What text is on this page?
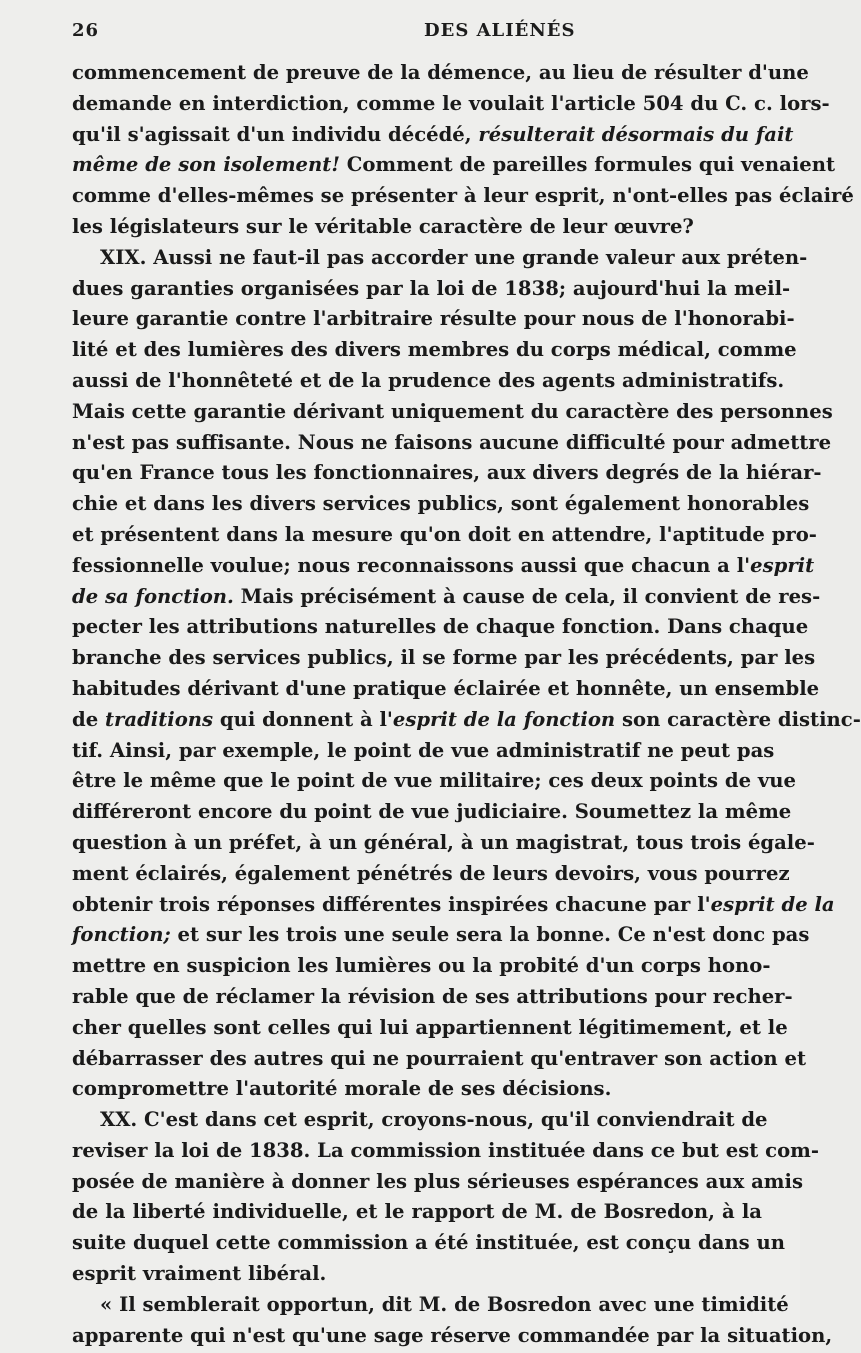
26	DES ALIÉNÉS
commencement de preuve de la démence, au lieu de résulter d'une
demande en interdiction, comme le voulait l'article 504 du C. c. lors-
qu'il s'agissait d'un individu décédé, résulterait désormais du fait
même de son isolement! Comment de pareilles formules qui venaient
comme d'elles-mêmes se présenter à leur esprit, n'ont-elles pas éclairé
les législateurs sur le véritable caractère de leur œuvre?
XIX. Aussi ne faut-il pas accorder une grande valeur aux préten-
dues garanties organisées par la loi de 1838; aujourd'hui la meil-
leure garantie contre l'arbitraire résulte pour nous de l'honorabi-
lité et des lumières des divers membres du corps médical, comme
aussi de l'honnêteté et de la prudence des agents administratifs.
Mais cette garantie dérivant uniquement du caractère des personnes
n'est pas suffisante. Nous ne faisons aucune difficulté pour admettre
qu'en France tous les fonctionnaires, aux divers degrés de la hiérar-
chie et dans les divers services publics, sont également honorables
et présentent dans la mesure qu'on doit en attendre, l'aptitude pro-
fessionnelle voulue; nous reconnaissons aussi que chacun a l'esprit
de sa fonction. Mais précisément à cause de cela, il convient de res-
pecter les attributions naturelles de chaque fonction. Dans chaque
branche des services publics, il se forme par les précédents, par les
habitudes dérivant d'une pratique éclairée et honnête, un ensemble
de traditions qui donnent à l'esprit de la fonction son caractère distinc-
tif. Ainsi, par exemple, le point de vue administratif ne peut pas
être le même que le point de vue militaire; ces deux points de vue
différeront encore du point de vue judiciaire. Soumettez la même
question à un préfet, à un général, à un magistrat, tous trois égale-
ment éclairés, également pénétrés de leurs devoirs, vous pourrez
obtenir trois réponses différentes inspirées chacune par l'esprit de la
fonction; et sur les trois une seule sera la bonne. Ce n'est donc pas
mettre en suspicion les lumières ou la probité d'un corps hono-
rable que de réclamer la révision de ses attributions pour recher-
cher quelles sont celles qui lui appartiennent légitimement, et le
débarrasser des autres qui ne pourraient qu'entraver son action et
compromettre l'autorité morale de ses décisions.
XX. C'est dans cet esprit, croyons-nous, qu'il conviendrait de
reviser la loi de 1838. La commission instituée dans ce but est com-
posée de manière à donner les plus sérieuses espérances aux amis
de la liberté individuelle, et le rapport de M. de Bosredon, à la
suite duquel cette commission a été instituée, est conçu dans un
esprit vraiment libéral.
« Il semblerait opportun, dit M. de Bosredon avec une timidité
apparente qui n'est qu'une sage réserve commandée par la situation,
